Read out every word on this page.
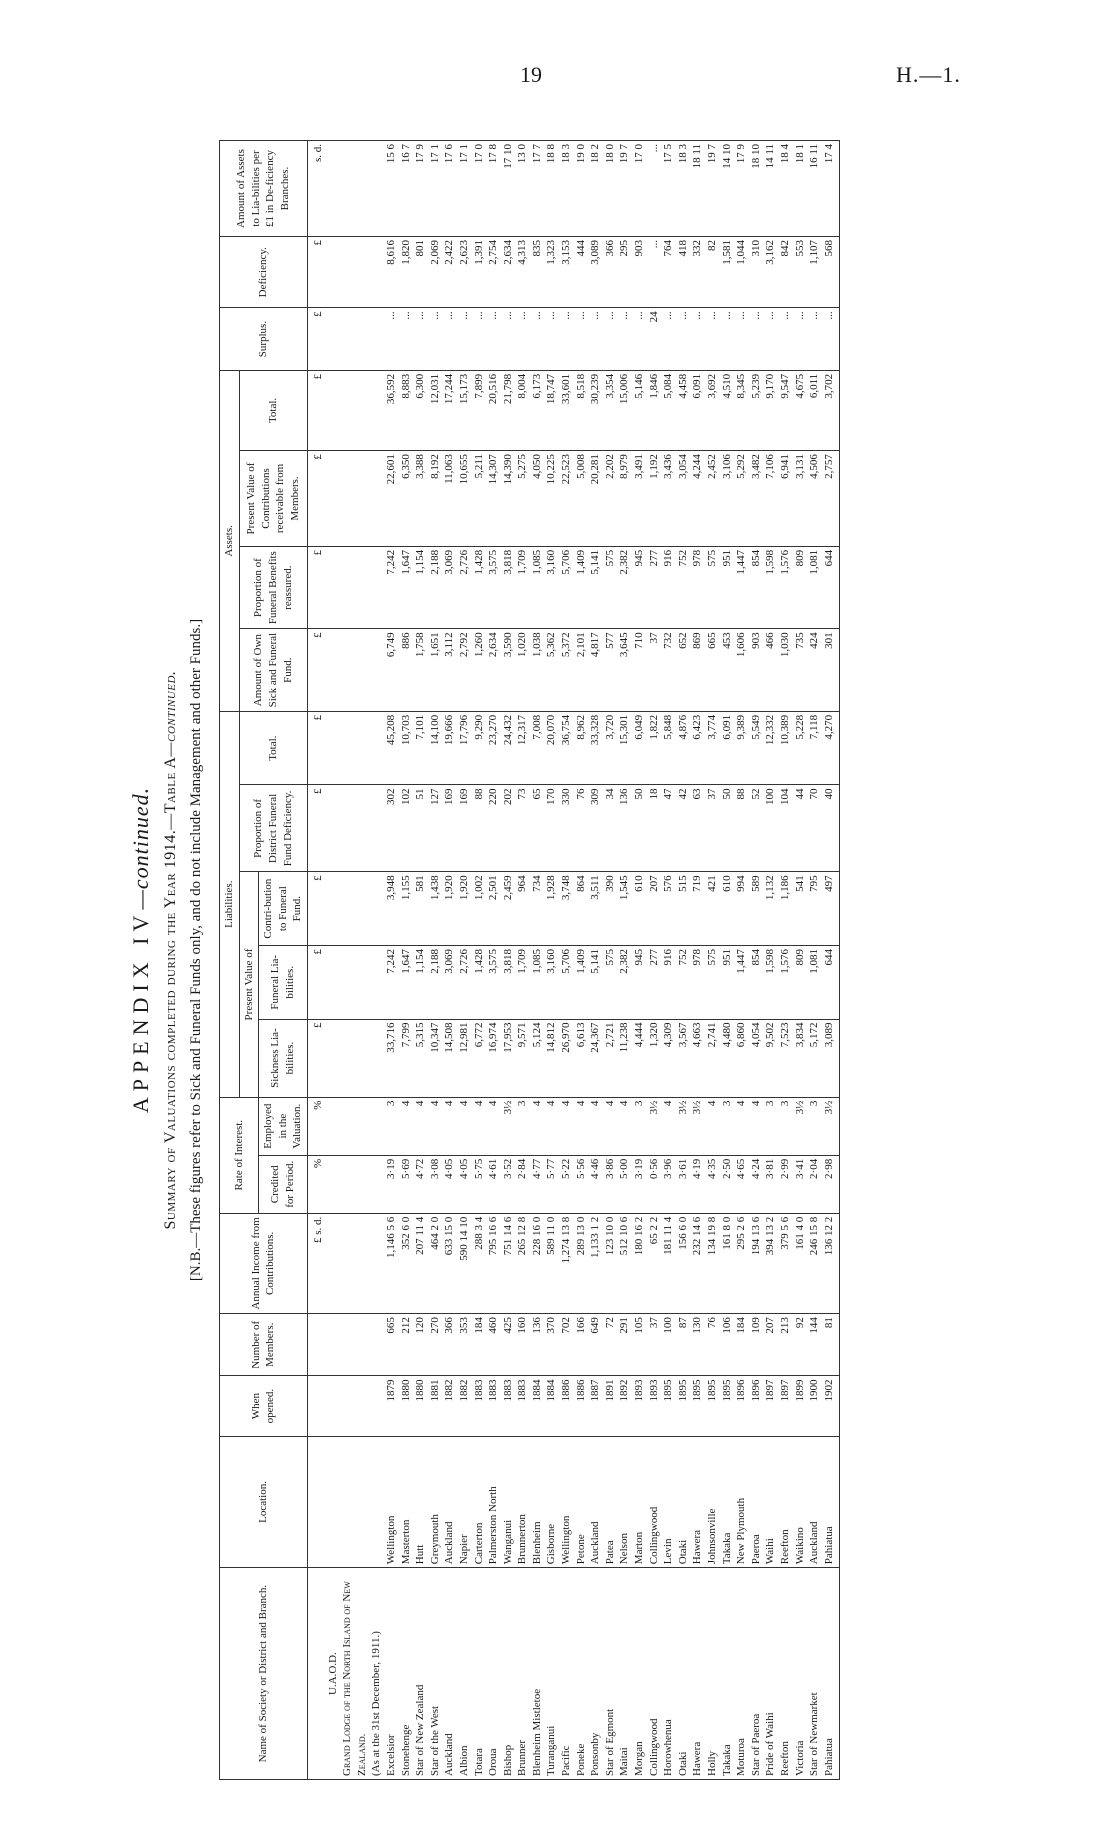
19	H.—1.
APPENDIX IV—continued. Summary of Valuations completed during the Year 1914.—Table A—continued. [N.B.—These figures refer to Sick and Funeral Funds only, and do not include Management and other Funds.]
Name of Society or District and Branch.	Location.	When opened.	Number of Members.	Annual Income from Contributions.	Rate of Interest.		Liabilities.					Assets.				Surplus.	Deficiency.	Amount of Assets to Lia-bilities per £1 in De-ficiency Branches.
							Present Value of			Proportion of District Funeral Fund Deficiency.	Total.	Amount of Own Sick and Funeral Fund.	Proportion of Funeral Benefits reassured.	Present Value of Contributions receivable from Members.	Total.			
					Credited for Period.	Employed in the Valuation.	Sickness Lia-bilities.	Funeral Lia-bilities.	Contri-bution to Funeral Fund.									
				£ s. d.	%	%	£	£	£	£	£	£	£	£	£	£	£	s. d.
U.A.O.D.																		
Grand Lodge of the North Island of New Zealand.																		
(As at the 31st December, 1911.)																		
Excelsior	Wellington	1879	665	1,146 5 6	3·19	3	33,716	7,242	3,948	302	45,208	6,749	7,242	22,601	36,592	...	8,616	15 6
Stonehenge	Masterton	1880	212	352 6 0	5·69	4	7,799	1,647	1,155	102	10,703	886	1,647	6,350	8,883	...	1,820	16 7
Star of New Zealand	Hutt	1880	120	207 11 4	4·72	4	5,315	1,154	581	51	7,101	1,758	1,154	3,388	6,300	...	801	17 9
Star of the West	Greymouth	1881	270	464 2 0	3·08	4	10,347	2,188	1,438	127	14,100	1,651	2,188	8,192	12,031	...	2,069	17 1
Auckland	Auckland	1882	366	633 15 0	4·05	4	14,508	3,069	1,920	169	19,666	3,112	3,069	11,063	17,244	...	2,422	17 6
Albion	Napier	1882	353	590 14 10	4·05	4	12,981	2,726	1,920	169	17,796	2,792	2,726	10,655	15,173	...	2,623	17 1
Totara	Carterton	1883	184	288 3 4	5·75	4	6,772	1,428	1,002	88	9,290	1,260	1,428	5,211	7,899	...	1,391	17 0
Oroua	Palmerston North	1883	460	795 16 6	4·61	4	16,974	3,575	2,501	220	23,270	2,634	3,575	14,307	20,516	...	2,754	17 8
Bishop	Wanganui	1883	425	751 14 6	3·52	3½	17,953	3,818	2,459	202	24,432	3,590	3,818	14,390	21,798	...	2,634	17 10
Brunner	Brunnerton	1883	160	265 12 8	2·84	3	9,571	1,709	964	73	12,317	1,020	1,709	5,275	8,004	...	4,313	13 0
Blenheim Mistletoe	Blenheim	1884	136	228 16 0	4·77	4	5,124	1,085	734	65	7,008	1,038	1,085	4,050	6,173	...	835	17 7
Turanganui	Gisborne	1884	370	589 11 0	5·77	4	14,812	3,160	1,928	170	20,070	5,362	3,160	10,225	18,747	...	1,323	18 8
Pacific	Wellington	1886	702	1,274 13 8	5·22	4	26,970	5,706	3,748	330	36,754	5,372	5,706	22,523	33,601	...	3,153	18 3
Poneke	Petone	1886	166	289 13 0	5·56	4	6,613	1,409	864	76	8,962	2,101	1,409	5,008	8,518	...	444	19 0
Ponsonby	Auckland	1887	649	1,133 1 2	4·46	4	24,367	5,141	3,511	309	33,328	4,817	5,141	20,281	30,239	...	3,089	18 2
Star of Egmont	Patea	1891	72	123 10 0	3·86	4	2,721	575	390	34	3,720	577	575	2,202	3,354	...	366	18 0
Maitai	Nelson	1892	291	512 10 6	5·00	4	11,238	2,382	1,545	136	15,301	3,645	2,382	8,979	15,006	...	295	19 7
Morgan	Marton	1893	105	180 16 2	3·19	3	4,444	945	610	50	6,049	710	945	3,491	5,146	...	903	17 0
Collingwood	Collingwood	1893	37	65 2 2	0·56	3½	1,320	277	207	18	1,822	37	277	1,192	1,846	24	...	...
Horowhenua	Levin	1895	100	181 11 4	3·96	4	4,309	916	576	47	5,848	732	916	3,436	5,084	...	764	17 5
Otaki	Otaki	1895	87	156 6 0	3·61	3½	3,567	752	515	42	4,876	652	752	3,054	4,458	...	418	18 3
Hawera	Hawera	1895	130	232 14 6	4·19	3½	4,663	978	719	63	6,423	869	978	4,244	6,091	...	332	18 11
Holly	Johnsonville	1895	76	134 19 8	4·35	4	2,741	575	421	37	3,774	665	575	2,452	3,692	...	82	19 7
Takaka	Takaka	1895	106	161 8 0	2·50	3	4,480	951	610	50	6,091	453	951	3,106	4,510	...	1,581	14 10
Moturoa	New Plymouth	1896	184	295 2 6	4·65	4	6,860	1,447	994	88	9,389	1,606	1,447	5,292	8,345	...	1,044	17 9
Star of Paeroa	Paeroa	1896	109	194 13 6	4·24	4	4,054	854	589	52	5,549	903	854	3,482	5,239	...	310	18 10
Pride of Waihi	Waihi	1897	207	394 13 2	3·81	3	9,502	1,598	1,132	100	12,332	466	1,598	7,106	9,170	...	3,162	14 11
Reefton	Reefton	1897	213	379 5 6	2·99	3	7,523	1,576	1,186	104	10,389	1,030	1,576	6,941	9,547	...	842	18 4
Victoria	Waikino	1899	92	161 4 0	3·41	3½	3,834	809	541	44	5,228	735	809	3,131	4,675	...	553	18 1
Star of Newmarket	Auckland	1900	144	246 15 8	2·04	3	5,172	1,081	795	70	7,118	424	1,081	4,506	6,011	...	1,107	16 11
Pahiatua	Pahiatua	1902	81	136 12 2	2·98	3½	3,089	644	497	40	4,270	301	644	2,757	3,702	...	568	17 4
